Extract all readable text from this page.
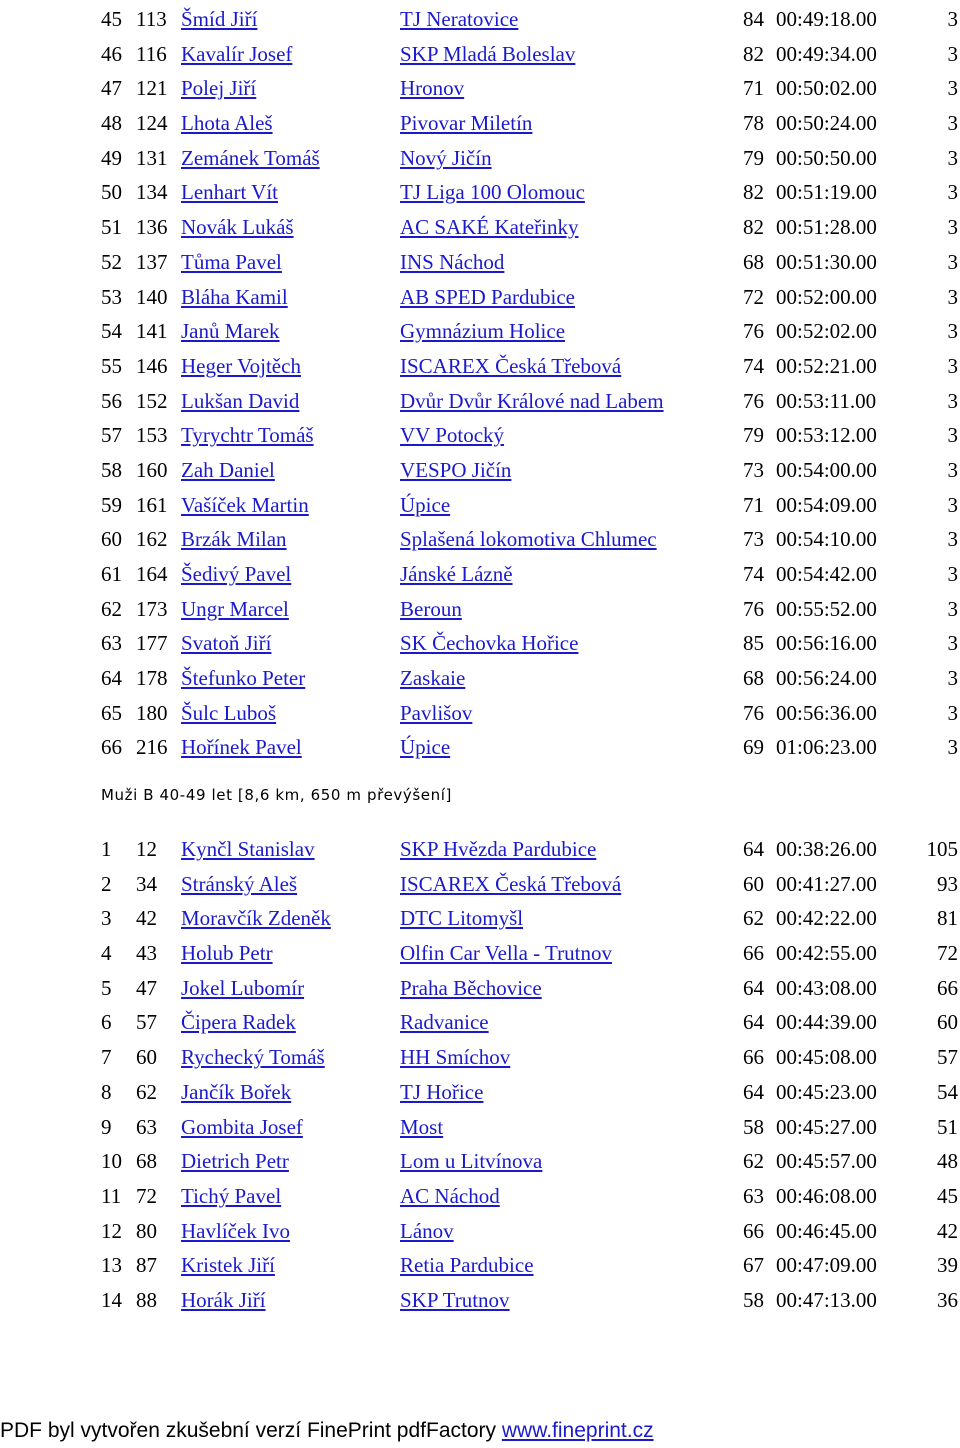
45 113 Šmíd Jiří	TJ Neratovice	84 00:49:18.00	3
46 116 Kavalír Josef	SKP Mladá Boleslav	82 00:49:34.00	3
47 121 Polej Jiří	Hronov	71 00:50:02.00	3
48 124 Lhota Aleš	Pivovar Miletín	78 00:50:24.00	3
49 131 Zemánek Tomáš	Nový Jičín	79 00:50:50.00	3
50 134 Lenhart Vít	TJ Liga 100 Olomouc	82 00:51:19.00	3
51 136 Novák Lukáš	AC SAKÉ Kateřinky	82 00:51:28.00	3
52 137 Tůma Pavel	INS Náchod	68 00:51:30.00	3
53 140 Bláha Kamil	AB SPED Pardubice	72 00:52:00.00	3
54 141 Janů Marek	Gymnázium Holice	76 00:52:02.00	3
55 146 Heger Vojtěch	ISCAREX Česká Třebová	74 00:52:21.00	3
56 152 Lukšan David	Dvůr Dvůr Králové nad Labem	76 00:53:11.00	3
57 153 Tyrychtr Tomáš	VV Potocký	79 00:53:12.00	3
58 160 Zah Daniel	VESPO Jičín	73 00:54:00.00	3
59 161 Vašíček Martin	Úpice	71 00:54:09.00	3
60 162 Brzák Milan	Splašená lokomotiva Chlumec	73 00:54:10.00	3
61 164 Šedivý Pavel	Jánské Lázně	74 00:54:42.00	3
62 173 Ungr Marcel	Beroun	76 00:55:52.00	3
63 177 Svatoň Jiří	SK Čechovka Hořice	85 00:56:16.00	3
64 178 Štefunko Peter	Zaskaie	68 00:56:24.00	3
65 180 Šulc Luboš	Pavlišov	76 00:56:36.00	3
66 216 Hořínek Pavel	Úpice	69 01:06:23.00	3
Muži B 40-49 let [8,6 km, 650 m převýšení]
1 12 Kynčl Stanislav	SKP Hvězda Pardubice	64 00:38:26.00 105
2 34 Stránský Aleš	ISCAREX Česká Třebová	60 00:41:27.00	93
3 42 Moravčík Zdeněk	DTC Litomyšl	62 00:42:22.00	81
4 43 Holub Petr	Olfin Car Vella - Trutnov	66 00:42:55.00	72
5 47 Jokel Lubomír	Praha Běchovice	64 00:43:08.00	66
6 57 Čipera Radek	Radvanice	64 00:44:39.00	60
7 60 Rychecký Tomáš	HH Smíchov	66 00:45:08.00	57
8 62 Jančík Bořek	TJ Hořice	64 00:45:23.00	54
9 63 Gombita Josef	Most	58 00:45:27.00	51
10 68 Dietrich Petr	Lom u Litvínova	62 00:45:57.00	48
11 72 Tichý Pavel	AC Náchod	63 00:46:08.00	45
12 80 Havlíček Ivo	Lánov	66 00:46:45.00	42
13 87 Kristek Jiří	Retia Pardubice	67 00:47:09.00	39
14 88 Horák Jiří	SKP Trutnov	58 00:47:13.00	36
PDF byl vytvořen zkušební verzí FinePrint pdfFactory www.fineprint.cz
